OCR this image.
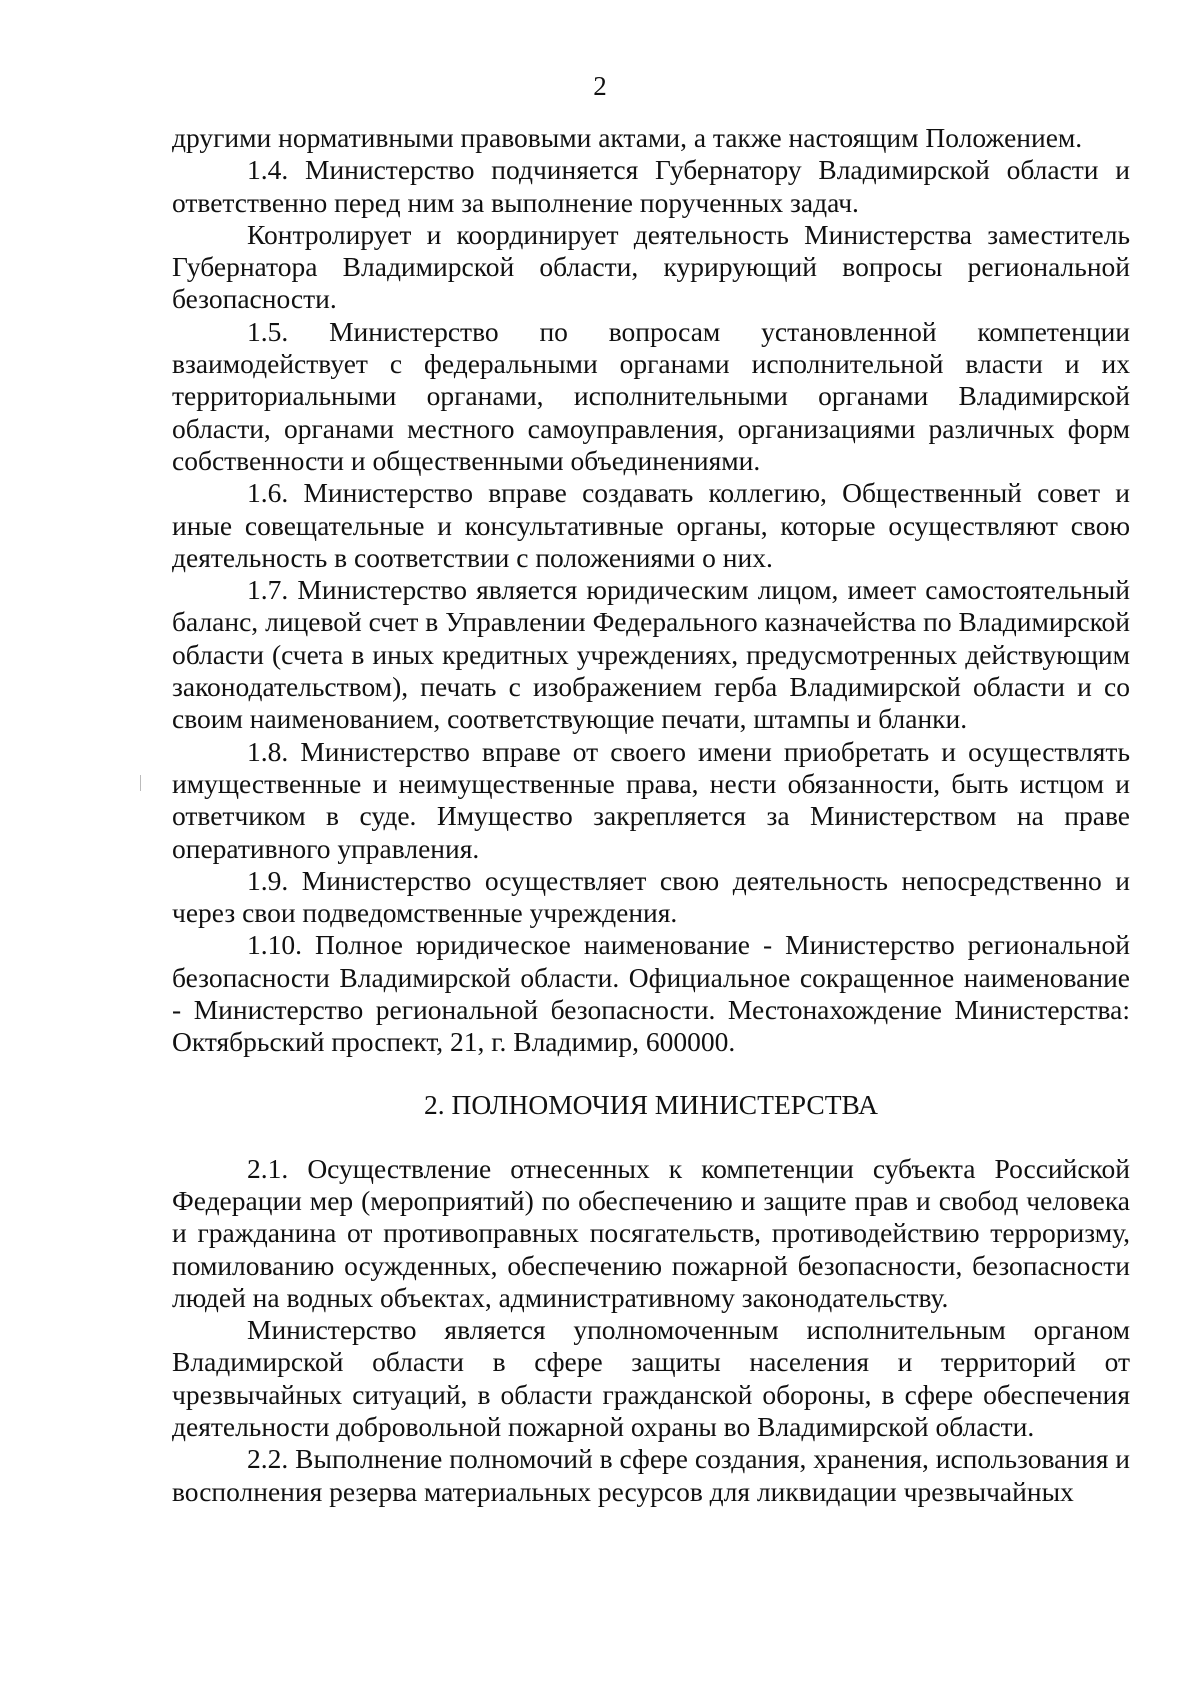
2

другими нормативными правовыми актами, а также настоящим Положением.

1.4. Министерство подчиняется Губернатору Владимирской области и ответственно перед ним за выполнение порученных задач.

Контролирует и координирует деятельность Министерства заместитель Губернатора Владимирской области, курирующий вопросы региональной безопасности.

1.5. Министерство по вопросам установленной компетенции взаимодействует с федеральными органами исполнительной власти и их территориальными органами, исполнительными органами Владимирской области, органами местного самоуправления, организациями различных форм собственности и общественными объединениями.

1.6. Министерство вправе создавать коллегию, Общественный совет и иные совещательные и консультативные органы, которые осуществляют свою деятельность в соответствии с положениями о них.

1.7. Министерство является юридическим лицом, имеет самостоятельный баланс, лицевой счет в Управлении Федерального казначейства по Владимирской области (счета в иных кредитных учреждениях, предусмотренных действующим законодательством), печать с изображением герба Владимирской области и со своим наименованием, соответствующие печати, штампы и бланки.

1.8. Министерство вправе от своего имени приобретать и осуществлять имущественные и неимущественные права, нести обязанности, быть истцом и ответчиком в суде. Имущество закрепляется за Министерством на праве оперативного управления.

1.9. Министерство осуществляет свою деятельность непосредственно и через свои подведомственные учреждения.

1.10. Полное юридическое наименование - Министерство региональной безопасности Владимирской области. Официальное сокращенное наименование - Министерство региональной безопасности. Местонахождение Министерства: Октябрьский проспект, 21, г. Владимир, 600000.

2. ПОЛНОМОЧИЯ МИНИСТЕРСТВА

2.1. Осуществление отнесенных к компетенции субъекта Российской Федерации мер (мероприятий) по обеспечению и защите прав и свобод человека и гражданина от противоправных посягательств, противодействию терроризму, помилованию осужденных, обеспечению пожарной безопасности, безопасности людей на водных объектах, административному законодательству.

Министерство является уполномоченным исполнительным органом Владимирской области в сфере защиты населения и территорий от чрезвычайных ситуаций, в области гражданской обороны, в сфере обеспечения деятельности добровольной пожарной охраны во Владимирской области.

2.2. Выполнение полномочий в сфере создания, хранения, использования и восполнения резерва материальных ресурсов для ликвидации чрезвычайных
